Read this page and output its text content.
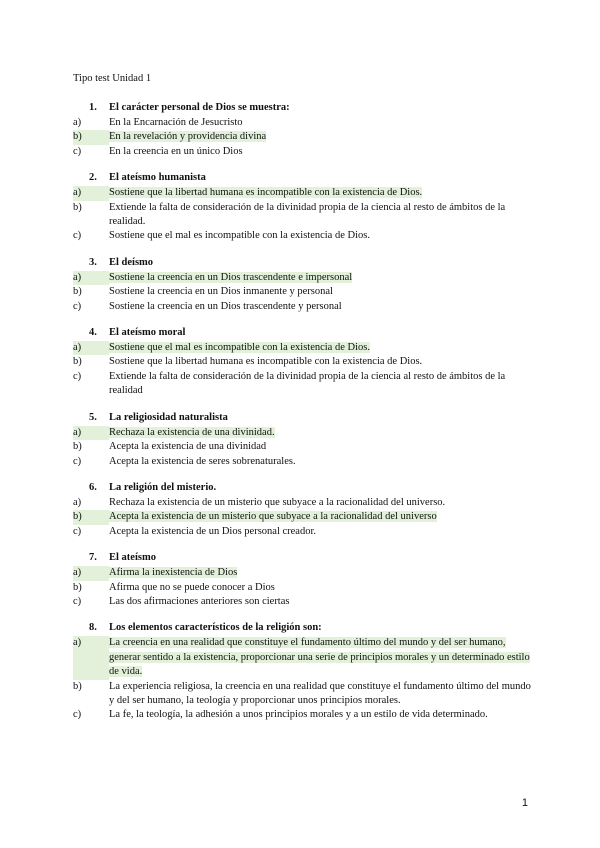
Tipo test Unidad 1
1.	El carácter personal de Dios se muestra:
a)	En la Encarnación de Jesucristo
b)	En la revelación y providencia divina
c)	En la creencia en un único Dios
2.	El ateísmo humanista
a)	Sostiene que la libertad humana es incompatible con la existencia de Dios.
b)	Extiende la falta de consideración de la divinidad propia de la ciencia al resto de ámbitos de la realidad.
c)	Sostiene que el mal es incompatible con la existencia de Dios.
3.	El deísmo
a)	Sostiene la creencia en un Dios trascendente e impersonal
b)	Sostiene la creencia en un Dios inmanente y personal
c)	Sostiene la creencia en un Dios trascendente y personal
4.	El ateísmo moral
a)	Sostiene que el mal es incompatible con la existencia de Dios.
b)	Sostiene que la libertad humana es incompatible con la existencia de Dios.
c)	Extiende la falta de consideración de la divinidad propia de la ciencia al resto de ámbitos de la realidad
5.	La religiosidad naturalista
a)	Rechaza la existencia de una divinidad.
b)	Acepta la existencia de una divinidad
c)	Acepta la existencia de seres sobrenaturales.
6.	La religión del misterio.
a)	Rechaza la existencia de un misterio que subyace a la racionalidad del universo.
b)	Acepta la existencia de un misterio que subyace a la racionalidad del universo
c)	Acepta la existencia de un Dios personal creador.
7.	El ateísmo
a)	Afirma la inexistencia de Dios
b)	Afirma que no se puede conocer a Dios
c)	Las dos afirmaciones anteriores son ciertas
8.	Los elementos característicos de la religión son:
a)	La creencia en una realidad que constituye el fundamento último del mundo y del ser humano, generar sentido a la existencia, proporcionar una serie de principios morales y un determinado estilo de vida.
b)	La experiencia religiosa, la creencia en una realidad que constituye el fundamento último del mundo y del ser humano, la teología y proporcionar unos principios morales.
c)	La fe, la teología, la adhesión a unos principios morales y a un estilo de vida determinado.
1
